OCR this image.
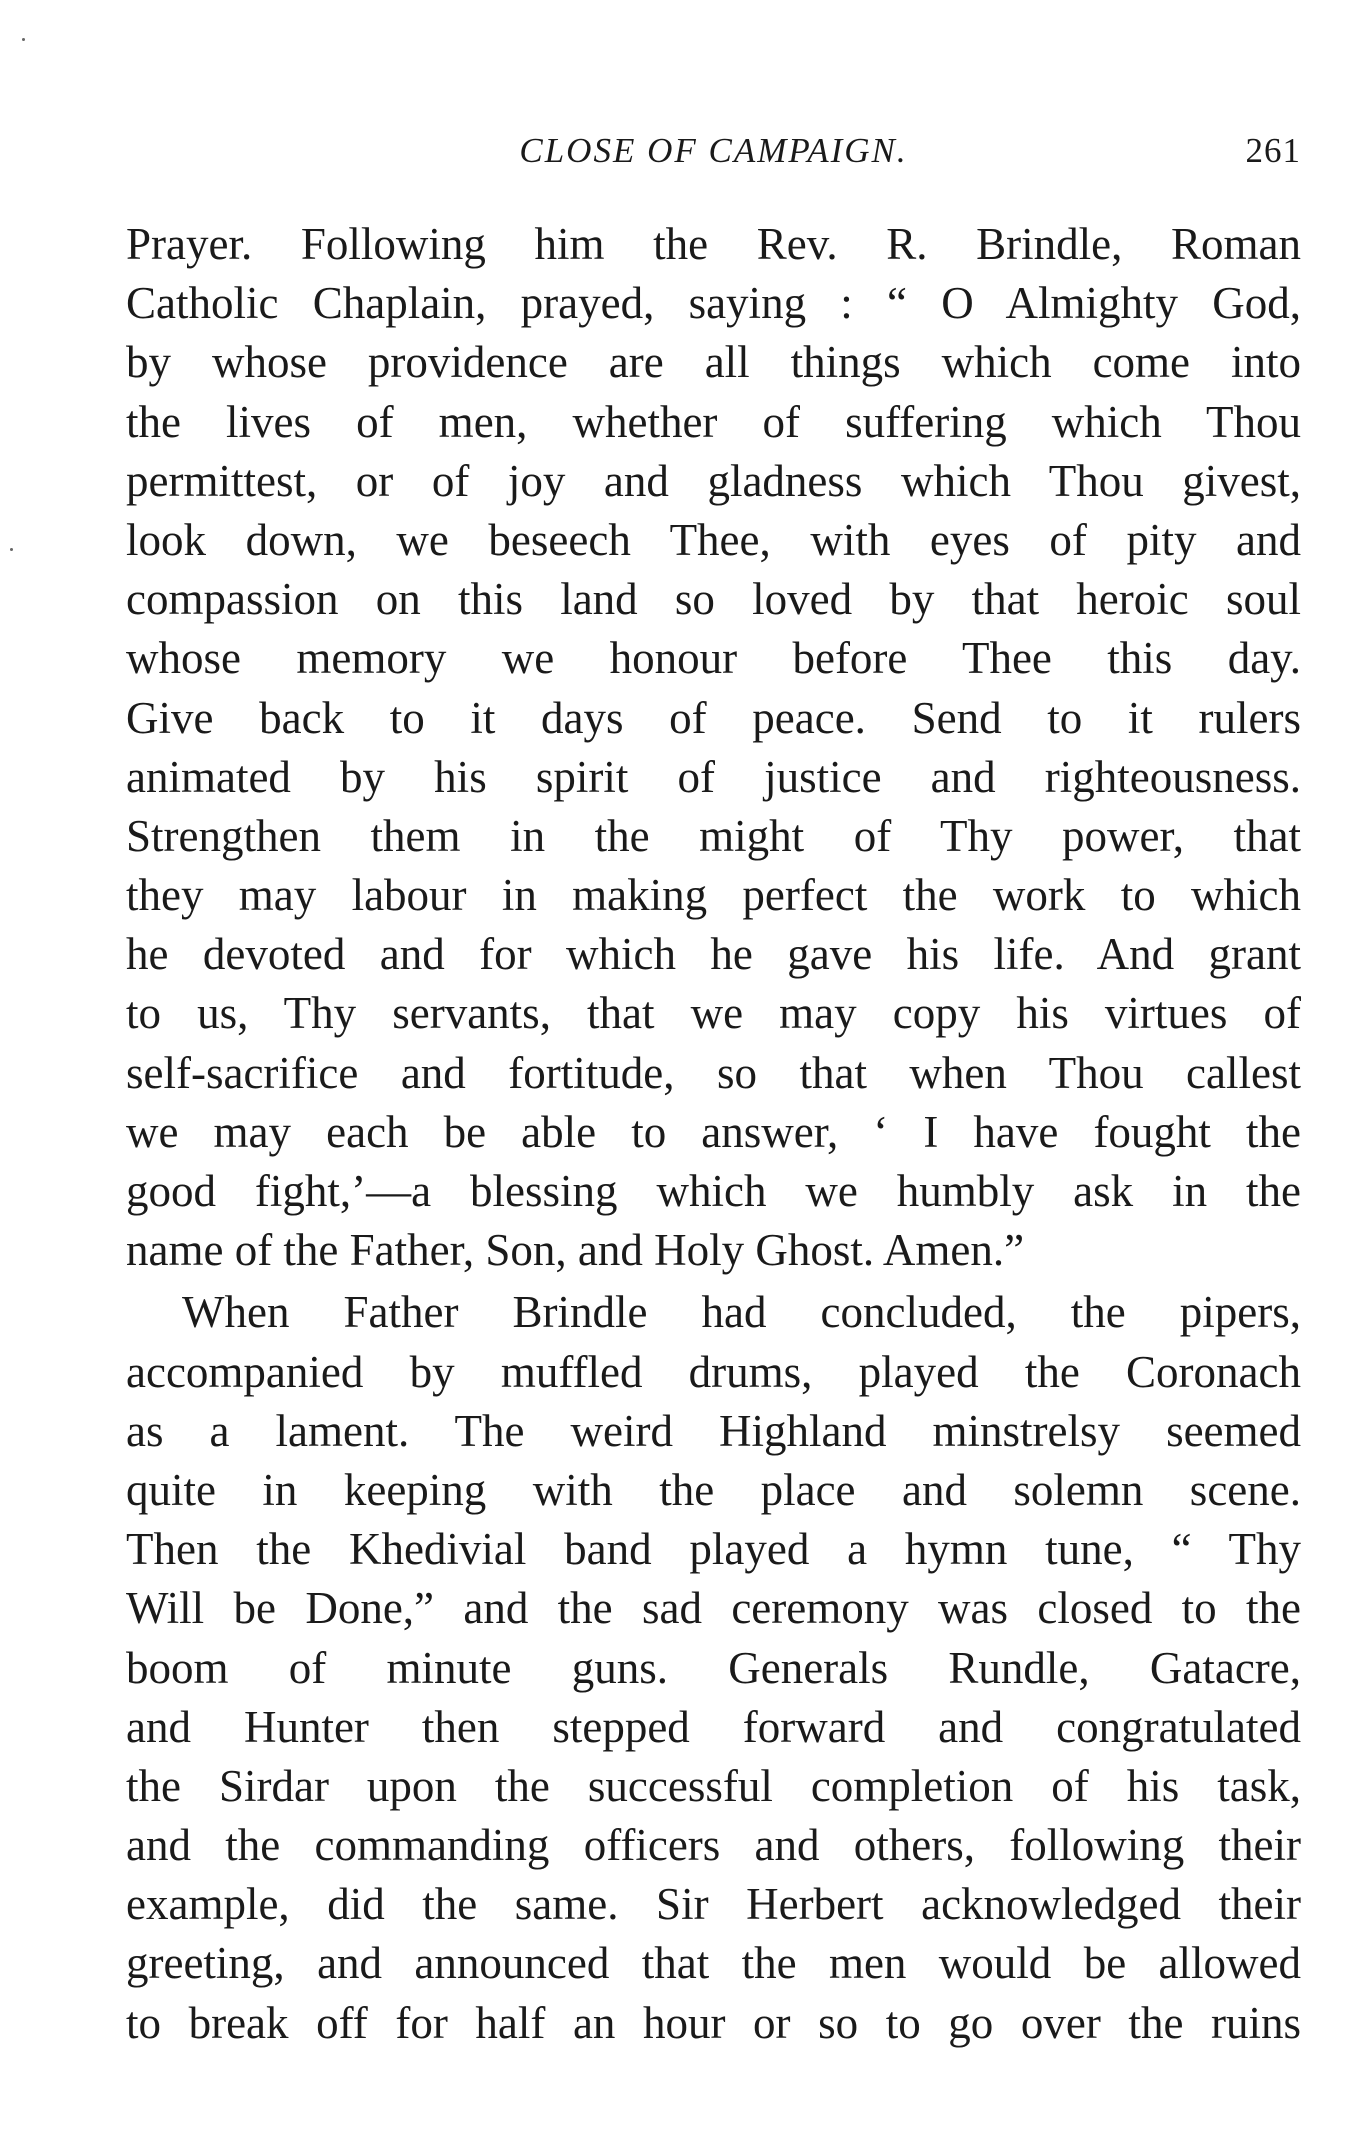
CLOSE OF CAMPAIGN.	261
Prayer. Following him the Rev. R. Brindle, Roman
Catholic Chaplain, prayed, saying : “ O Almighty God,
by whose providence are all things which come into
the lives of men, whether of suffering which Thou
permittest, or of joy and gladness which Thou givest,
look down, we beseech Thee, with eyes of pity and
compassion on this land so loved by that heroic soul
whose memory we honour before Thee this day.
Give back to it days of peace. Send to it rulers
animated by his spirit of justice and righteousness.
Strengthen them in the might of Thy power, that
they may labour in making perfect the work to which
he devoted and for which he gave his life. And grant
to us, Thy servants, that we may copy his virtues of
self-sacrifice and fortitude, so that when Thou callest
we may each be able to answer, ‘ I have fought the
good fight,’—a blessing which we humbly ask in the
name of the Father, Son, and Holy Ghost. Amen.”
When Father Brindle had concluded, the pipers,
accompanied by muffled drums, played the Coronach
as a lament. The weird Highland minstrelsy seemed
quite in keeping with the place and solemn scene.
Then the Khedivial band played a hymn tune, “ Thy
Will be Done,” and the sad ceremony was closed to the
boom of minute guns. Generals Rundle, Gatacre,
and Hunter then stepped forward and congratulated
the Sirdar upon the successful completion of his task,
and the commanding officers and others, following their
example, did the same. Sir Herbert acknowledged their
greeting, and announced that the men would be allowed
to break off for half an hour or so to go over the ruins
